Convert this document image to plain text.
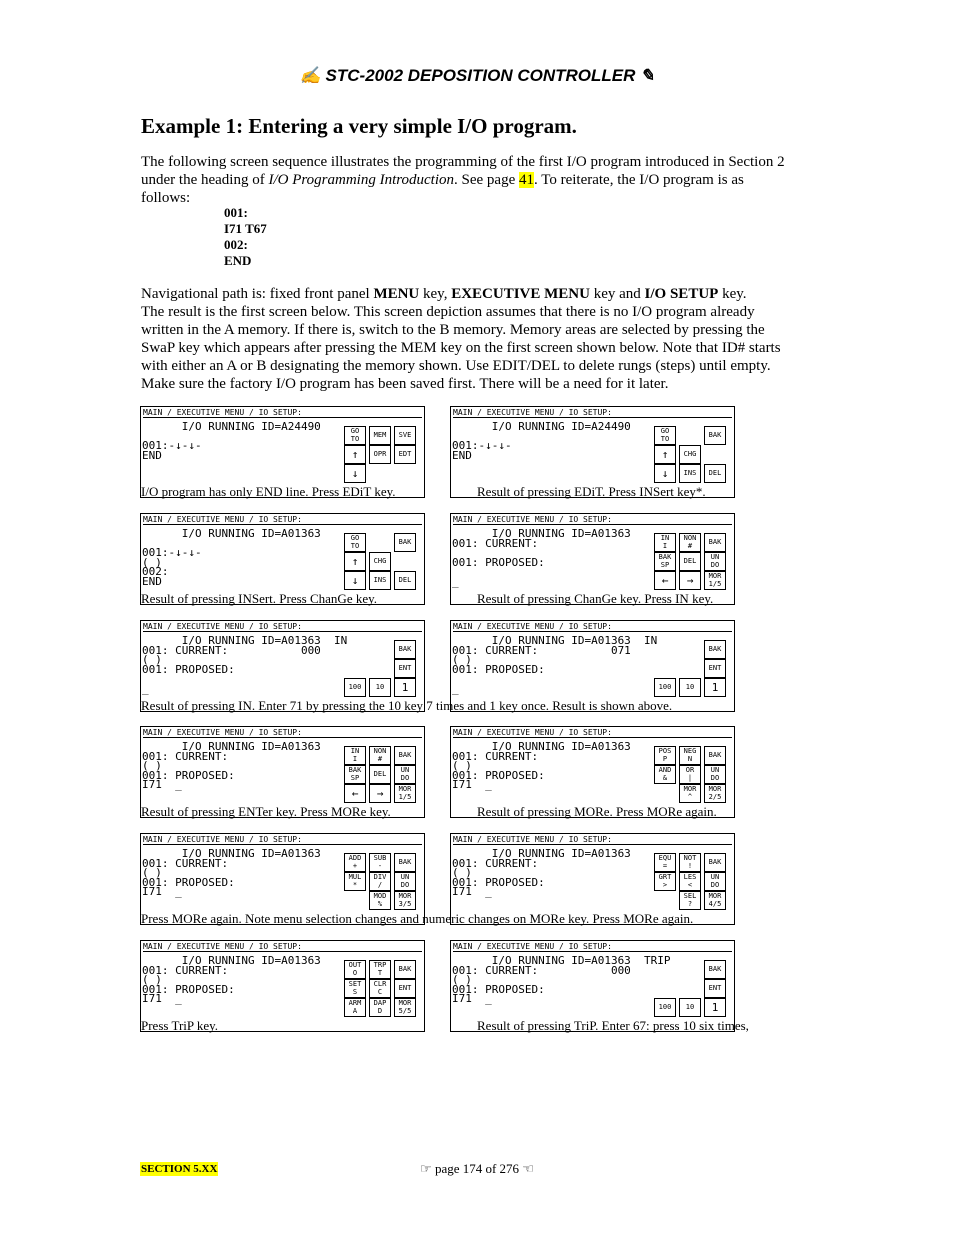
✍ STC-2002 DEPOSITION CONTROLLER ✎
Example 1: Entering a very simple I/O program.
The following screen sequence illustrates the programming of the first I/O program introduced in Section 2
under the heading of I/O Programming Introduction. See page 41. To reiterate, the I/O program is as
follows:
001:
I71 T67
002:
END
Navigational path is: fixed front panel MENU key, EXECUTIVE MENU key and I/O SETUP key.
The result is the first screen below. This screen depiction assumes that there is no I/O program already
written in the A memory. If there is, switch to the B memory. Memory areas are selected by pressing the
SwaP key which appears after pressing the MEM key on the first screen shown below. Note that ID# starts
with either an A or B designating the memory shown. Use EDIT/DEL to delete rungs (steps) until empty.
Make sure the factory I/O program has been saved first. There will be a need for it later.
MAIN / EXECUTIVE MENU / IO SETUP:
I/O RUNNING ID=A24490
001:-↓-↓-
END
GO
TO	MEM	SVE
↑	OPR	EDT
↓
MAIN / EXECUTIVE MENU / IO SETUP:
I/O RUNNING ID=A24490
001:-↓-↓-
END
GO
TO	BAK
↑	CHG
↓	INS	DEL
MAIN / EXECUTIVE MENU / IO SETUP:
I/O RUNNING ID=A01363
001:-↓-↓-
( )
002:
END
GO
TO	BAK
↑	CHG
↓	INS	DEL
MAIN / EXECUTIVE MENU / IO SETUP:
I/O RUNNING ID=A01363
001: CURRENT:
001: PROPOSED:
_
IN
I
NON
#	BAK
BAK
SP	DEL	UN
DO
←	→	MOR
1/5
MAIN / EXECUTIVE MENU / IO SETUP:
I/O RUNNING ID=A01363  IN
001: CURRENT:           000
( )
001: PROPOSED:
_
BAK
ENT
100	10	1
MAIN / EXECUTIVE MENU / IO SETUP:
I/O RUNNING ID=A01363  IN
001: CURRENT:           071
( )
001: PROPOSED:
_
BAK
ENT
100	10	1
MAIN / EXECUTIVE MENU / IO SETUP:
I/O RUNNING ID=A01363
001: CURRENT:
( )
001: PROPOSED:
I71  _
IN
I
NON
#	BAK
BAK
SP	DEL	UN
DO
←	→	MOR
1/5
MAIN / EXECUTIVE MENU / IO SETUP:
I/O RUNNING ID=A01363
001: CURRENT:
( )
001: PROPOSED:
I71  _
POS
P
NEG
N	BAK
AND
&
OR
|
UN
DO
MOR
^
MOR
2/5
MAIN / EXECUTIVE MENU / IO SETUP:
I/O RUNNING ID=A01363
001: CURRENT:
( )
001: PROPOSED:
I71  _
ADD
+
SUB
-	BAK
MUL
*
DIV
/
UN
DO
MOD
%
MOR
3/5
MAIN / EXECUTIVE MENU / IO SETUP:
I/O RUNNING ID=A01363
001: CURRENT:
( )
001: PROPOSED:
I71  _
EQU
=
NOT
!	BAK
GRT
>
LES
<
UN
DO
SEL
?
MOR
4/5
MAIN / EXECUTIVE MENU / IO SETUP:
I/O RUNNING ID=A01363
001: CURRENT:
( )
001: PROPOSED:
I71  _
OUT
O
TRP
T	BAK
SET
S
CLR
C	ENT
ARM
A
DAP
D
MOR
5/5
MAIN / EXECUTIVE MENU / IO SETUP:
I/O RUNNING ID=A01363  TRIP
001: CURRENT:           000
( )
001: PROPOSED:
I71  _
BAK
ENT
100	10	1
I/O program has only END line. Press EDiT key.	Result of pressing EDiT. Press INSert key*.
Result of pressing INSert. Press ChanGe key.	Result of pressing ChanGe key. Press IN key.
Result of pressing IN. Enter 71 by pressing the 10 key 7 times and 1 key once. Result is shown above.
Result of pressing ENTer key. Press MORe key.	Result of pressing MORe. Press MORe again.
Press MORe again. Note menu selection changes and numeric changes on MORe key. Press MORe again.
Press TriP key.	Result of pressing TriP. Enter 67: press 10 six times,
SECTION 5.XX	☞ page 174 of 276 ☜
